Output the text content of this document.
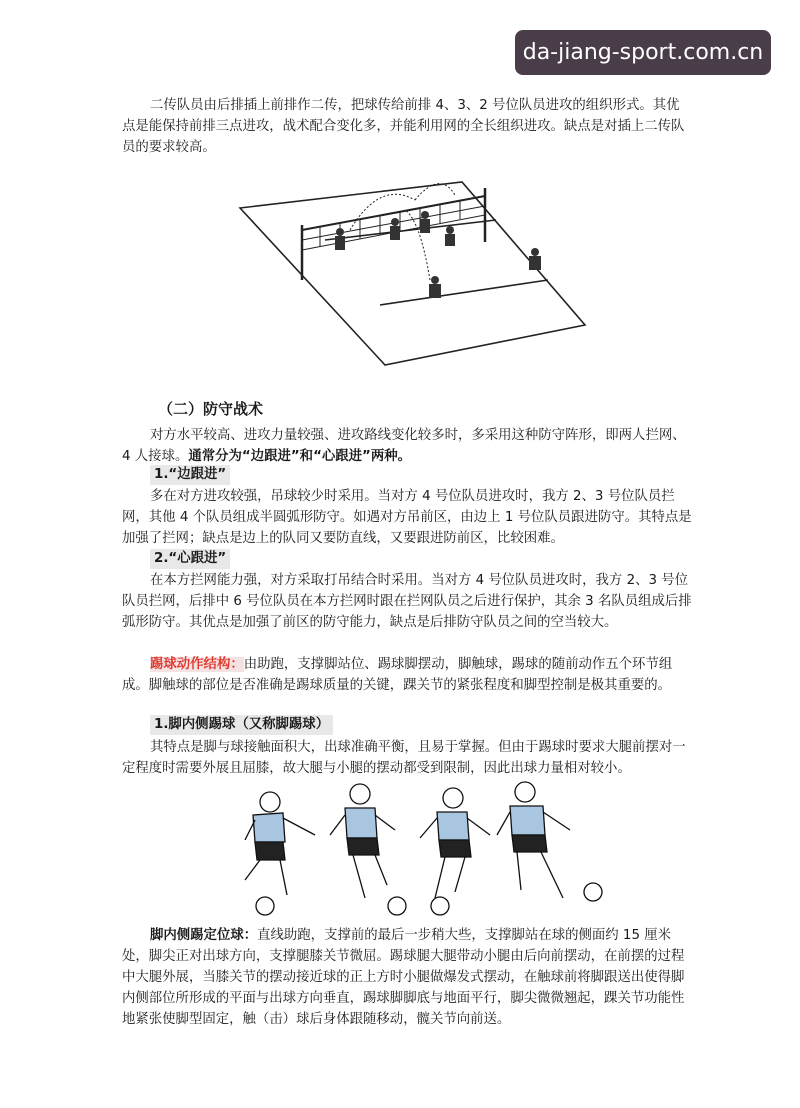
da-jiang-sport.com.cn

二传队员由后排插上前排作二传，把球传给前排 4、3、2 号位队员进攻的组织形式。其优点是能保持前排三点进攻，战术配合变化多，并能利用网的全长组织进攻。缺点是对插上二传队员的要求较高。

（二）防守战术

对方水平较高、进攻力量较强、进攻路线变化较多时，多采用这种防守阵形，即两人拦网、4 人接球。通常分为“边跟进”和“心跟进”两种。

1.“边跟进”

多在对方进攻较强，吊球较少时采用。当对方 4 号位队员进攻时，我方 2、3 号位队员拦网，其他 4 个队员组成半圆弧形防守。如遇对方吊前区，由边上 1 号位队员跟进防守。其特点是加强了拦网；缺点是边上的队同又要防直线，又要跟进防前区，比较困难。

2.“心跟进”

在本方拦网能力强，对方采取打吊结合时采用。当对方 4 号位队员进攻时，我方 2、3 号位队员拦网，后排中 6 号位队员在本方拦网时跟在拦网队员之后进行保护，其余 3 名队员组成后排弧形防守。其优点是加强了前区的防守能力，缺点是后排防守队员之间的空当较大。

踢球动作结构：由助跑，支撑脚站位、踢球脚摆动，脚触球，踢球的随前动作五个环节组成。脚触球的部位是否准确是踢球质量的关键，踝关节的紧张程度和脚型控制是极其重要的。

1.脚内侧踢球（又称脚踢球）

其特点是脚与球接触面积大，出球准确平衡，且易于掌握。但由于踢球时要求大腿前摆对一定程度时需要外展且屈膝，故大腿与小腿的摆动都受到限制，因此出球力量相对较小。

脚内侧踢定位球：直线助跑，支撑前的最后一步稍大些，支撑脚站在球的侧面约 15 厘米处，脚尖正对出球方向，支撑腿膝关节微屈。踢球腿大腿带动小腿由后向前摆动，在前摆的过程中大腿外展，当膝关节的摆动接近球的正上方时小腿做爆发式摆动，在触球前将脚跟送出使得脚内侧部位所形成的平面与出球方向垂直，踢球脚脚底与地面平行，脚尖微微翘起，踝关节功能性地紧张使脚型固定，触（击）球后身体跟随移动，髋关节向前送。
